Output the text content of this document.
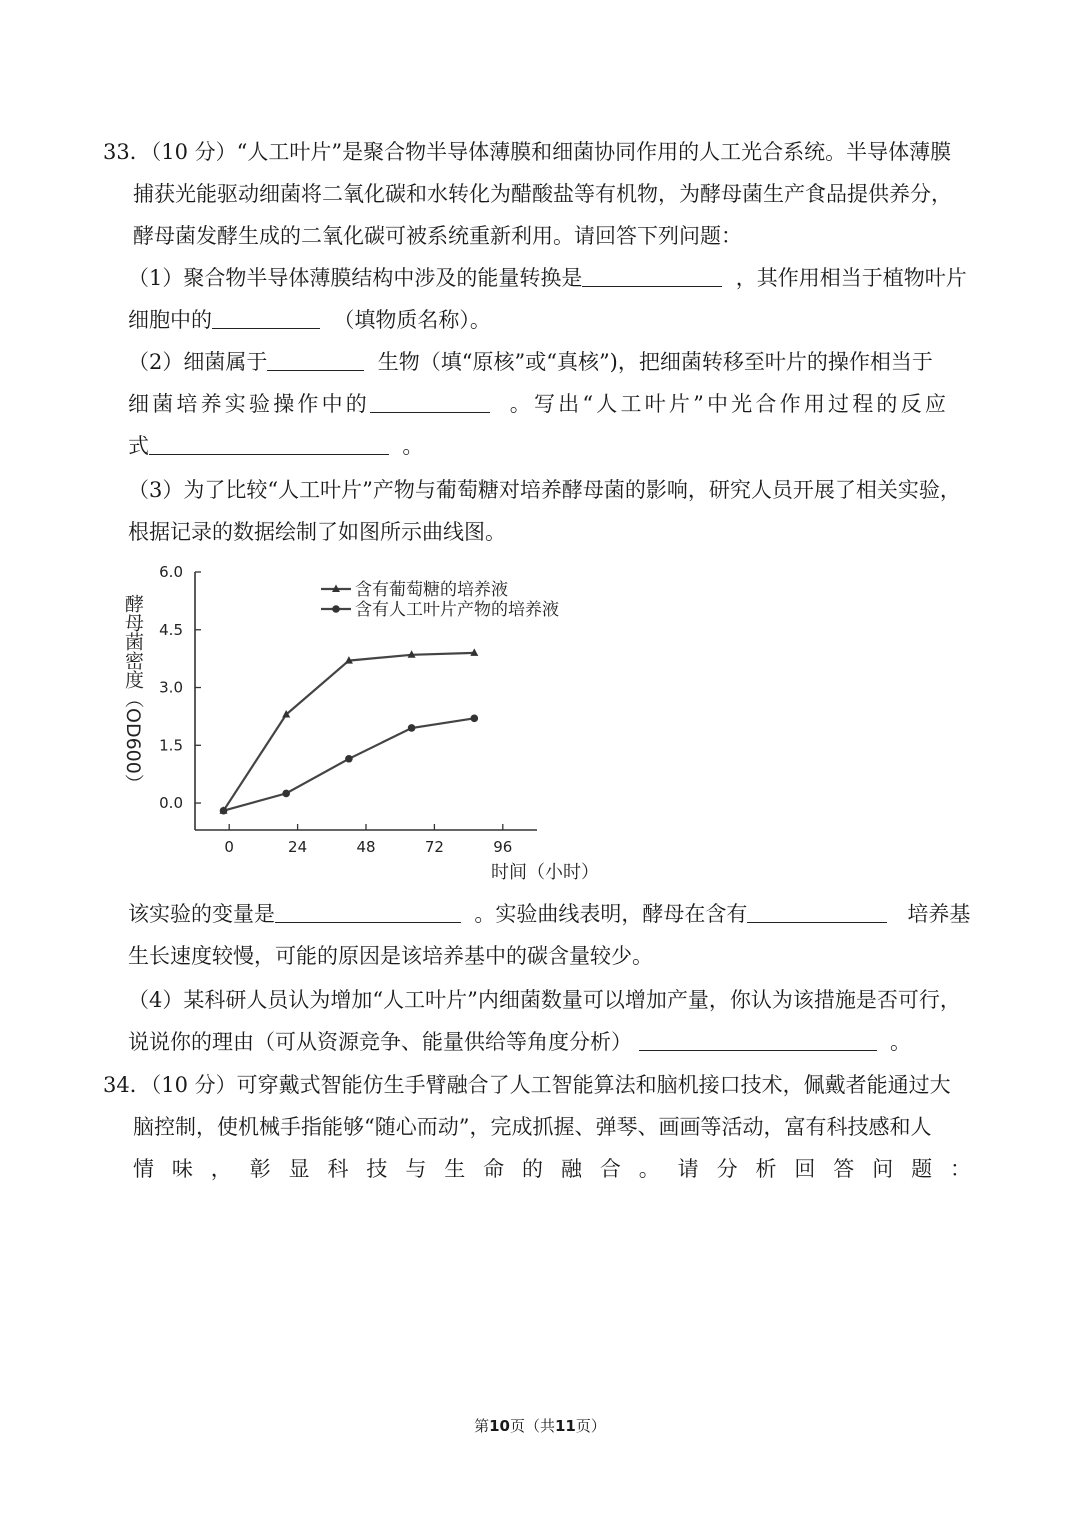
33．（10 分）“人工叶片”是聚合物半导体薄膜和细菌协同作用的人工光合系统。半导体薄膜
捕获光能驱动细菌将二氧化碳和水转化为醋酸盐等有机物，为酵母菌生产食品提供养分，
酵母菌发酵生成的二氧化碳可被系统重新利用。请回答下列问题：
（1）聚合物半导体薄膜结构中涉及的能量转换是	，其作用相当于植物叶片
细胞中的	（填物质名称）。
（2）细菌属于	生物（填“原核”或“真核”)，把细菌转移至叶片的操作相当于
细菌培养实验操作中的	。写出“人工叶片”中光合作用过程的反应
式	。
（3）为了比较“人工叶片”产物与葡萄糖对培养酵母菌的影响，研究人员开展了相关实验，
根据记录的数据绘制了如图所示曲线图。
0.0
1.5
3.0
4.5
6.0
0	24	48	72	96
含有葡萄糖的培养液
含有人工叶片产物的培养液
酵母菌密度（OD600）
时间（小时）
该实验的变量是	。实验曲线表明，酵母在含有	培养基
生长速度较慢，可能的原因是该培养基中的碳含量较少。
（4）某科研人员认为增加“人工叶片”内细菌数量可以增加产量，你认为该措施是否可行，
说说你的理由（可从资源竞争、能量供给等角度分析）	。
34．（10 分）可穿戴式智能仿生手臂融合了人工智能算法和脑机接口技术，佩戴者能通过大
脑控制，使机械手指能够“随心而动”，完成抓握、弹琴、画画等活动，富有科技感和人
情味，彰显科技与生命的融合。请分析回答问题：
第10页（共11页）
